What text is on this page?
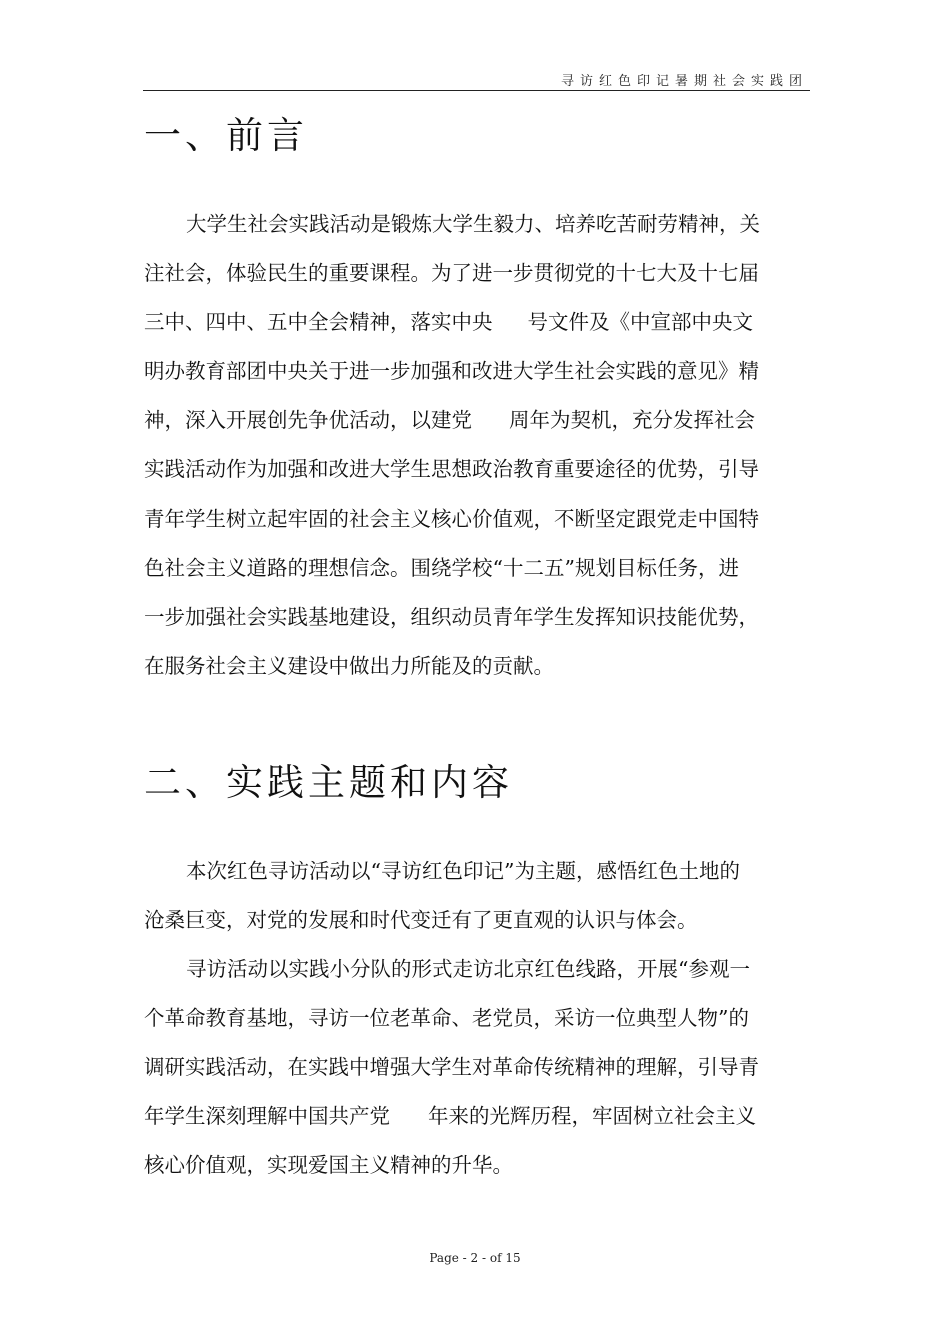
寻访红色印记暑期社会实践团
一、前言

大学生社会实践活动是锻炼大学生毅力、培养吃苦耐劳精神，关
注社会，体验民生的重要课程。为了进一步贯彻党的十七大及十七届
三中、四中、五中全会精神，落实中央 号文件及《中宣部中央文
明办教育部团中央关于进一步加强和改进大学生社会实践的意见》精
神，深入开展创先争优活动，以建党 周年为契机，充分发挥社会
实践活动作为加强和改进大学生思想政治教育重要途径的优势，引导
青年学生树立起牢固的社会主义核心价值观，不断坚定跟党走中国特
色社会主义道路的理想信念。围绕学校“十二五”规划目标任务，进
一步加强社会实践基地建设，组织动员青年学生发挥知识技能优势，
在服务社会主义建设中做出力所能及的贡献。

二、实践主题和内容

本次红色寻访活动以“寻访红色印记”为主题，感悟红色土地的
沧桑巨变，对党的发展和时代变迁有了更直观的认识与体会。

寻访活动以实践小分队的形式走访北京红色线路，开展“参观一
个革命教育基地，寻访一位老革命、老党员，采访一位典型人物”的
调研实践活动，在实践中增强大学生对革命传统精神的理解，引导青
年学生深刻理解中国共产党 年来的光辉历程，牢固树立社会主义
核心价值观，实现爱国主义精神的升华。

Page - 2 - of 15
